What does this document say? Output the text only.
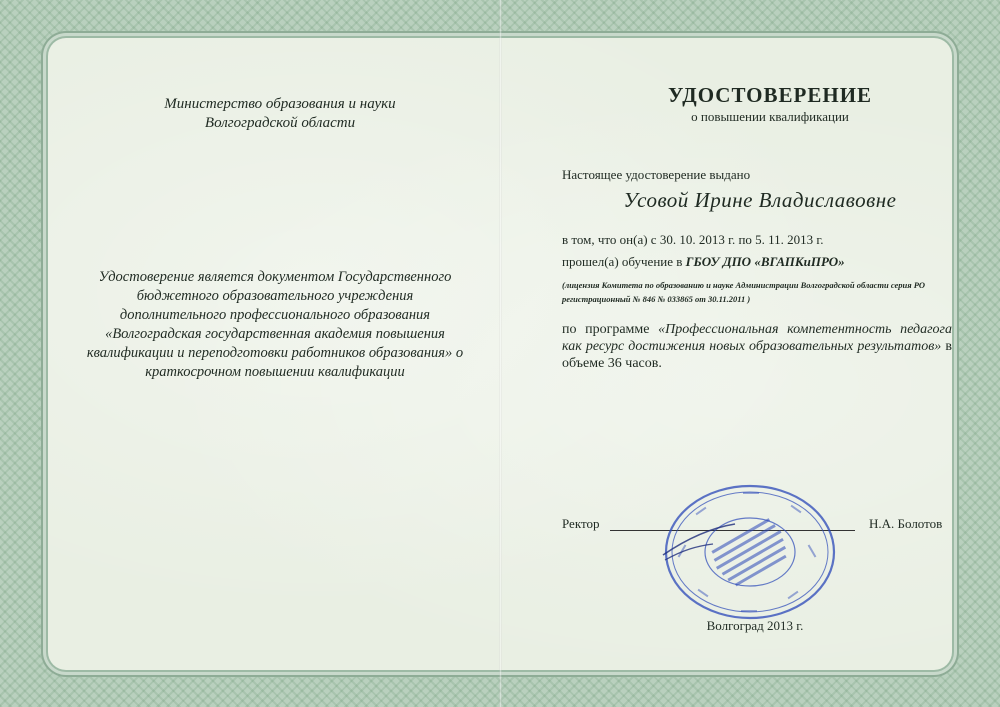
Министерство образования и науки
Волгоградской области
Удостоверение является документом Государственного
бюджетного образовательного учреждения
дополнительного профессионального образования
«Волгоградская государственная академия повышения
квалификации и переподготовки работников образования» о
краткосрочном повышении квалификации
УДОСТОВЕРЕНИЕ
о повышении квалификации
Настоящее удостоверение выдано
Усовой Ирине Владиславовне
в том, что он(а) с 30. 10. 2013 г. по 5. 11. 2013 г.
прошел(а) обучение в ГБОУ ДПО «ВГАПКиПРО»
(лицензия Комитета по образованию и науке Администрации Волгоградской области серия РО
регистрационный № 846 № 033865 от 30.11.2011 )
по программе «Профессиональная компетентность педагога как ресурс достижения новых образовательных результатов» в объеме 36 часов.
Ректор	Н.А. Болотов
Волгоград 2013 г.
